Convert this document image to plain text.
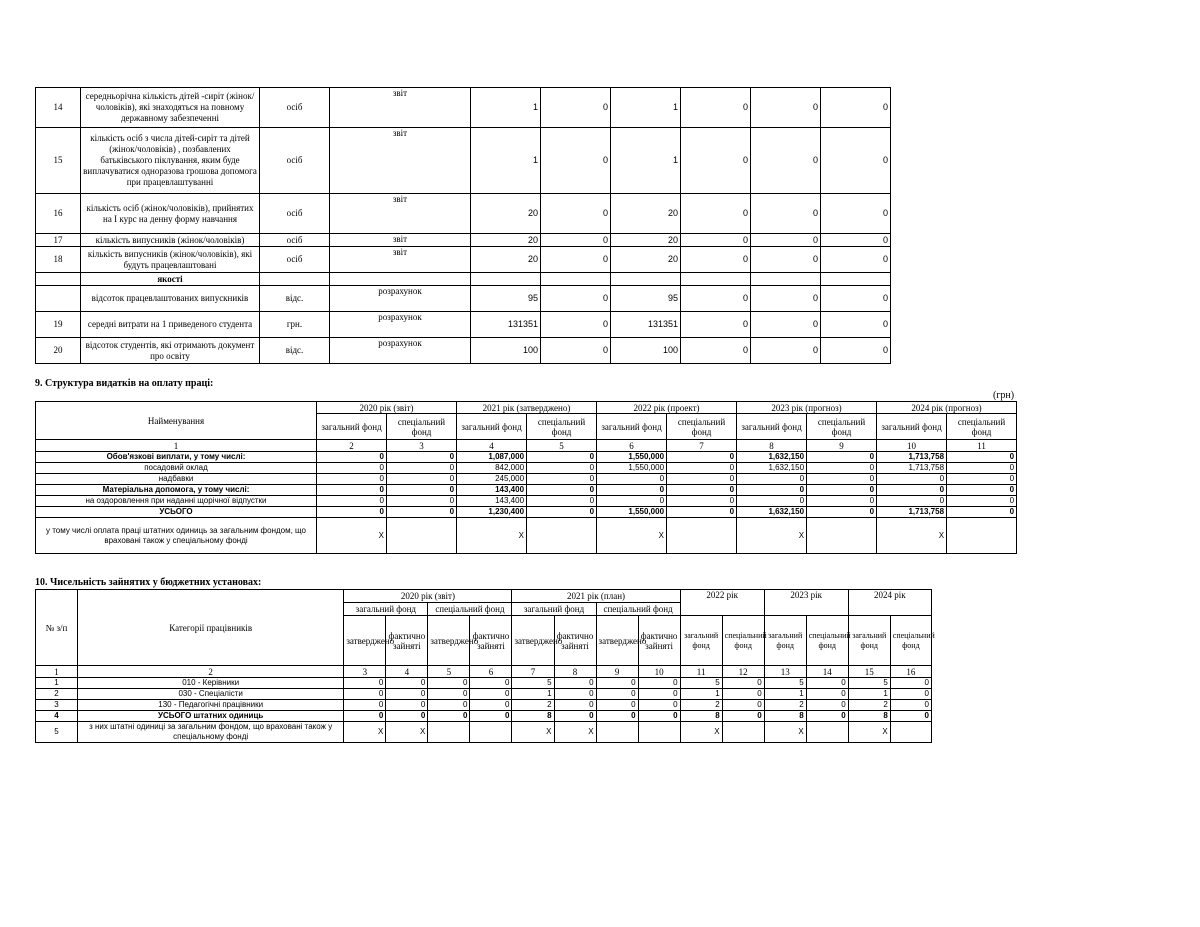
14	середньорічна кількість дітей -сиріт (жінок/чоловіків), які знаходяться на повному державному забезпеченні	осіб	звіт	1	0	1	0	0	0
15	кількість осіб з числа дітей-сиріт та дітей (жінок/чоловіків) , позбавлених батьківського піклування, яким буде виплачуватися одноразова грошова допомога при працевлаштуванні	осіб	звіт	1	0	1	0	0	0
16	кількість осіб (жінок/чоловіків), прийнятих на I курс на денну форму навчання	осіб	звіт	20	0	20	0	0	0
17	кількість випусників (жінок/чоловіків)	осіб	звіт	20	0	20	0	0	0
18	кількість випусників (жінок/чоловіків), які будуть працевлаштовані	осіб	звіт	20	0	20	0	0	0
	якості								
	відсоток працевлаштованих випускників	відс.	розрахунок	95	0	95	0	0	0
19	середні витрати на 1 приведеного студента	грн.	розрахунок	131351	0	131351	0	0	0
20	відсоток студентів, які отримають документ про освіту	відс.	розрахунок	100	0	100	0	0	0
9. Структура видатків на оплату праці:
(грн)
Найменування	2020 рік (звіт)		2021 рік (затверджено)		2022 рік (проект)		2023 рік (прогноз)		2024 рік (прогноз)	
	загальний фонд	спеціальний фонд	загальний фонд	спеціальний фонд	загальний фонд	спеціальний фонд	загальний фонд	спеціальний фонд	загальний фонд	спеціальний фонд
1	2	3	4	5	6	7	8	9	10	11
Обов'язкові виплати, у тому числі:	0	0	1,087,000	0	1,550,000	0	1,632,150	0	1,713,758	0
посадовий оклад	0	0	842,000	0	1,550,000	0	1,632,150	0	1,713,758	0
надбавки	0	0	245,000	0	0	0	0	0	0	0
Матеріальна допомога, у тому числі:	0	0	143,400	0	0	0	0	0	0	0
на оздоровлення при наданні щорічної відпустки	0	0	143,400	0	0	0	0	0	0	0
УСЬОГО	0	0	1,230,400	0	1,550,000	0	1,632,150	0	1,713,758	0
у тому числі оплата праці штатних одиниць за загальним фондом, що враховані також у спеціальному фонді	X		X		X		X		X	
10. Чисельність зайнятих у бюджетних установах:
№ з/п	Категорії працівників	2020 рік (звіт)				2021 рік (план)				2022 рік		2023 рік		2024 рік	
		загальний фонд		спеціальний фонд		загальний фонд		спеціальний фонд							
		затверджено	фактично зайняті	затверджено	фактично зайняті	затверджено	фактично зайняті	затверджено	фактично зайняті	загальний фонд	спеціальний фонд	загальний фонд	спеціальний фонд	загальний фонд	спеціальний фонд
1	2	3	4	5	6	7	8	9	10	11	12	13	14	15	16
1	010 - Керівники	0	0	0	0	5	0	0	0	5	0	5	0	5	0
2	030 - Спеціалісти	0	0	0	0	1	0	0	0	1	0	1	0	1	0
3	130 - Педагогічні працівники	0	0	0	0	2	0	0	0	2	0	2	0	2	0
4	УСЬОГО штатних одиниць	0	0	0	0	8	0	0	0	8	0	8	0	8	0
5	з них штатні одиниці за загальним фондом, що враховані також у спеціальному фонді	X	X			X	X			X		X		X	
